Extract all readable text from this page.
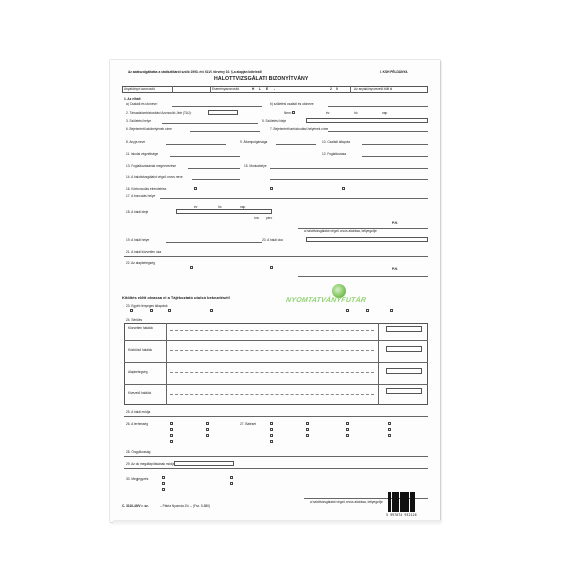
Az adatszolgáltatás a statisztikáról szóló 1993. évi XLVI. törvény 10. §-a alapján kötelező!	I. KSH PÉLDÁNYA
HALOTTVIZSGÁLATI BIZONYÍTVÁNY
Anyakönyvi azonosító	Eseményazonosító	H L E -	2 0	Az anyakönyvvezető tölti ki
1. Az elhalt
a) Családi és utóneve:	b) születési családi és utóneve:
2. Társadalombiztosítási Azonosító Jele (TAJ):	Nem:	év	hó	nap
3. Születési helye	5. Születési ideje
6. Bejelentett lakóhelyének címe	7. Bejelentett tartózkodási helyének címe
8. Anyja neve	9. Állampolgársága	10. Családi állapota
11. Iskolai végzettsége	12. Foglalkozása
13. Foglalkozásának megnevezése	15. Munkahelye
14. A halottvizsgálatot végző orvos neve
16. Kórboncolás elrendelése
17. A boncolás helye
18. A halál ideje
év	hó	nap
óra perc
P.H.
a halottvizsgálatot végző orvos aláírása, bélyegzője
19. A halál helye	20. A halál oka
21. A halál közvetlen oka
22. Az alapbetegség
P.H.
NYOMTATVÁNYFUTÁR
Kitöltés előtt olvassa el a Tájékoztató utolsó bekezdését!
23. Egyéb lényeges állapotok
24. Sérülés
Közvetlen halálok
Közbülső halálok
Alapbetegség
Kivezető halálok
25. A halál módja
26. A terhesség	27. Baleset
28. Öngyilkosság
29. Az ok megállapításának módja
30. Megjegyzés
a halottvizsgálatot végző orvos aláírása, bélyegzője
C. 3110-49/V r. sz.	– Pátria Nyomda Zrt. – (Fsz. 5-880)
5 997074 932126
